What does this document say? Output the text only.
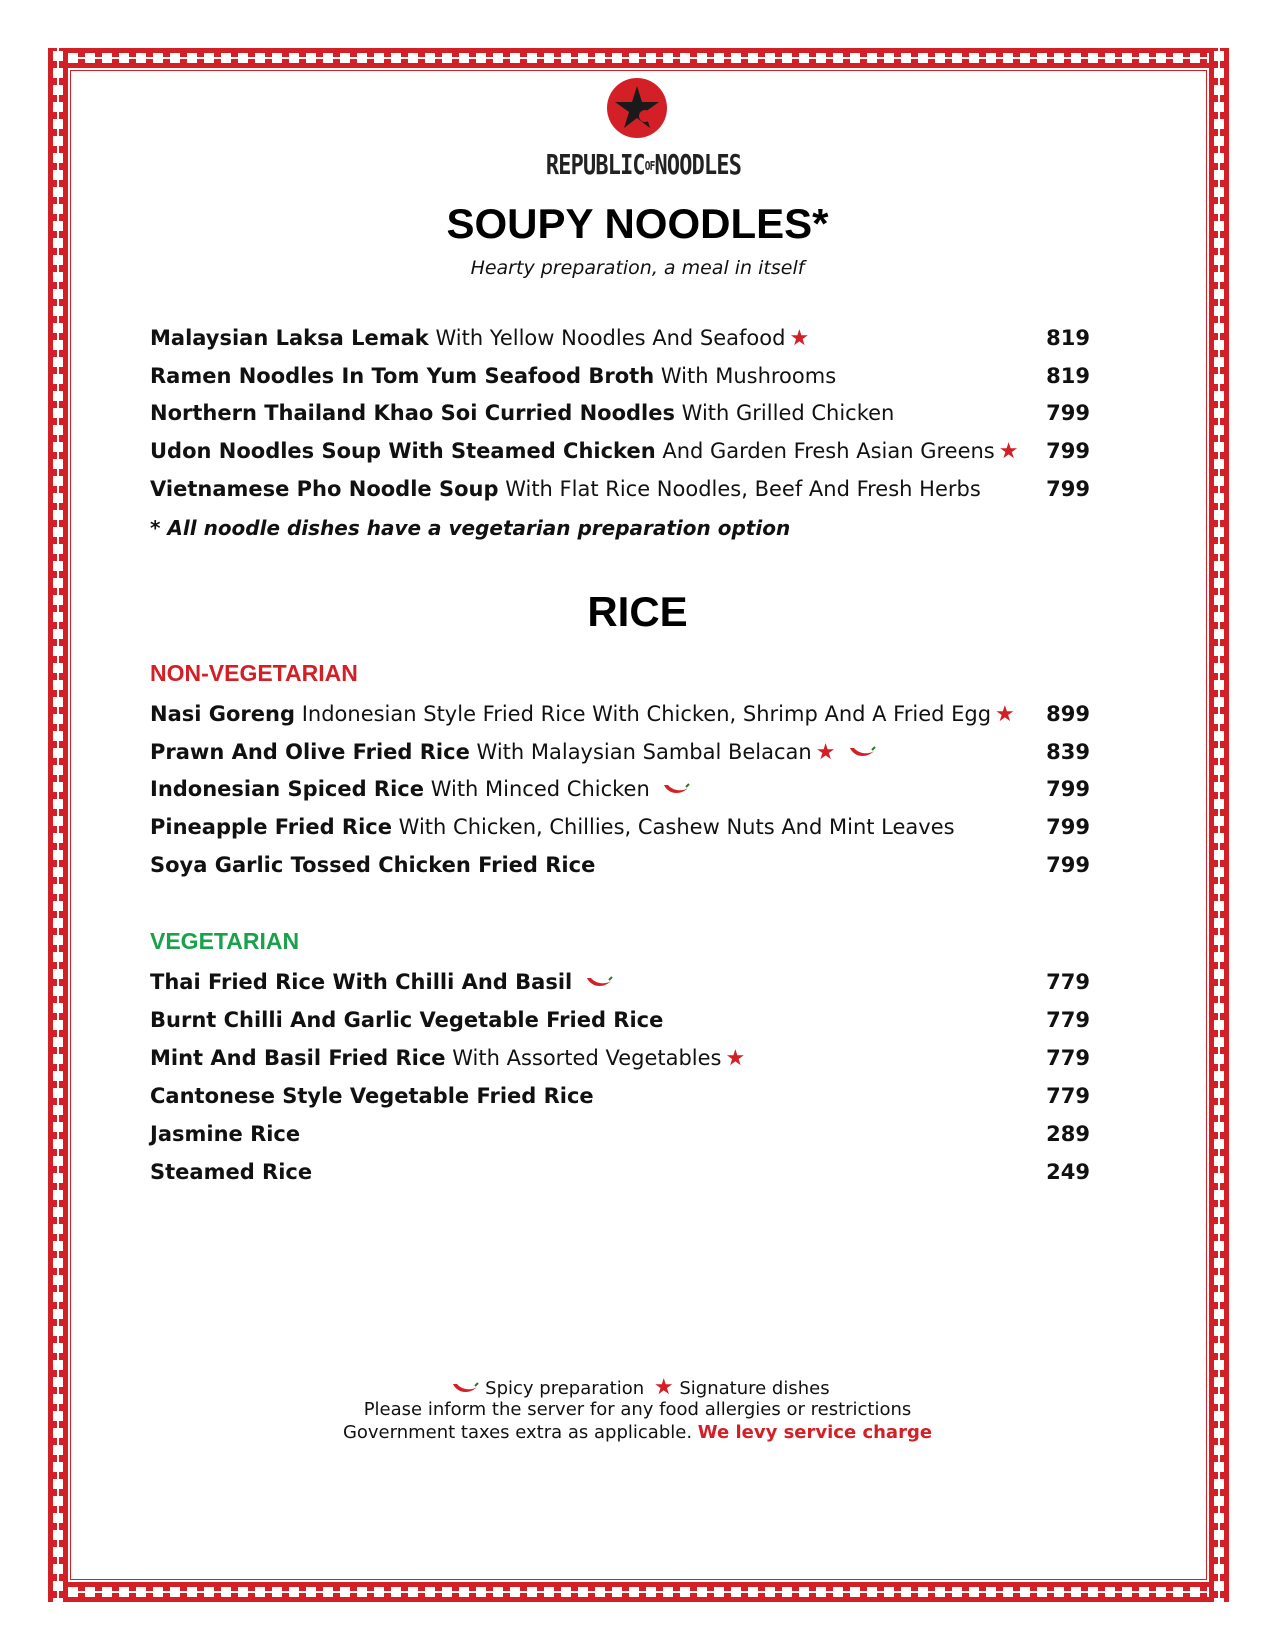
REPUBLICOFNOODLES
SOUPY NOODLES*
Hearty preparation, a meal in itself
Malaysian Laksa Lemak With Yellow Noodles And Seafood ★	819
Ramen Noodles In Tom Yum Seafood Broth With Mushrooms	819
Northern Thailand Khao Soi Curried Noodles With Grilled Chicken	799
Udon Noodles Soup With Steamed Chicken And Garden Fresh Asian Greens ★ 799
Vietnamese Pho Noodle Soup With Flat Rice Noodles, Beef And Fresh Herbs	799
* All noodle dishes have a vegetarian preparation option
RICE
NON-VEGETARIAN
Nasi Goreng Indonesian Style Fried Rice With Chicken, Shrimp And A Fried Egg ★ 899
Prawn And Olive Fried Rice With Malaysian Sambal Belacan ★	839
Indonesian Spiced Rice With Minced Chicken	799
Pineapple Fried Rice With Chicken, Chillies, Cashew Nuts And Mint Leaves	799
Soya Garlic Tossed Chicken Fried Rice	799
VEGETARIAN
Thai Fried Rice With Chilli And Basil	779
Burnt Chilli And Garlic Vegetable Fried Rice	779
Mint And Basil Fried Rice With Assorted Vegetables ★	779
Cantonese Style Vegetable Fried Rice	779
Jasmine Rice	289
Steamed Rice	249
Spicy preparation ★ Signature dishes
Please inform the server for any food allergies or restrictions
Government taxes extra as applicable. We levy service charge
